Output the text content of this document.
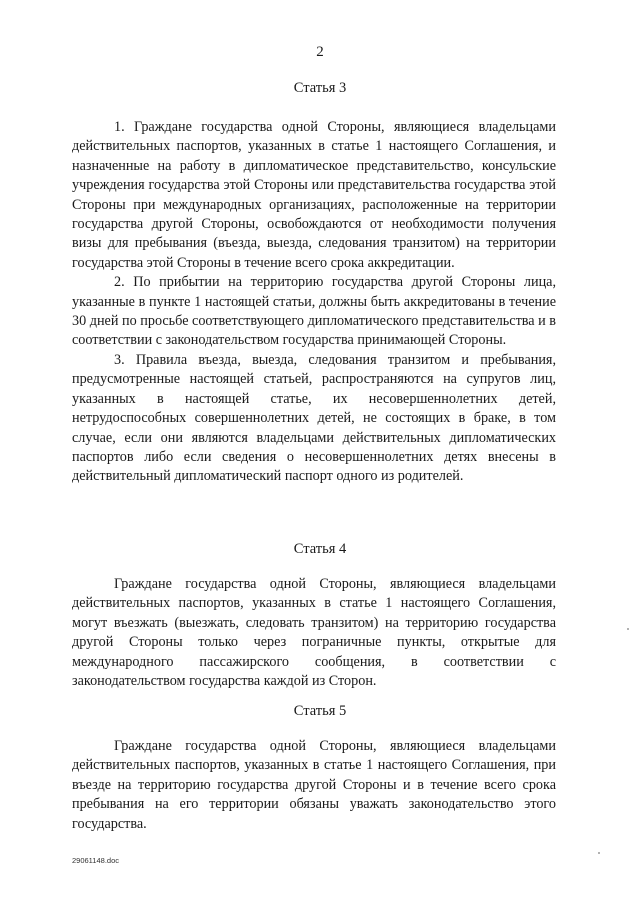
2
Статья 3

1. Граждане государства одной Стороны, являющиеся владельцами действительных паспортов, указанных в статье 1 настоящего Соглашения, и назначенные на работу в дипломатическое представительство, консульские учреждения государства этой Стороны или представительства государства этой Стороны при международных организациях, расположенные на территории государства другой Стороны, освобождаются от необходимости получения визы для пребывания (въезда, выезда, следования транзитом) на территории государства этой Стороны в течение всего срока аккредитации.

2. По прибытии на территорию государства другой Стороны лица, указанные в пункте 1 настоящей статьи, должны быть аккредитованы в течение 30 дней по просьбе соответствующего дипломатического представительства и в соответствии с законодательством государства принимающей Стороны.

3. Правила въезда, выезда, следования транзитом и пребывания, предусмотренные настоящей статьей, распространяются на супругов лиц, указанных в настоящей статье, их несовершеннолетних детей, нетрудоспособных совершеннолетних детей, не состоящих в браке, в том случае, если они являются владельцами действительных дипломатических паспортов либо если сведения о несовершеннолетних детях внесены в действительный дипломатический паспорт одного из родителей.

Статья 4

Граждане государства одной Стороны, являющиеся владельцами действительных паспортов, указанных в статье 1 настоящего Соглашения, могут въезжать (выезжать, следовать транзитом) на территорию государства другой Стороны только через пограничные пункты, открытые для международного пассажирского сообщения, в соответствии с законодательством государства каждой из Сторон.

Статья 5

Граждане государства одной Стороны, являющиеся владельцами действительных паспортов, указанных в статье 1 настоящего Соглашения, при въезде на территорию государства другой Стороны и в течение всего срока пребывания на его территории обязаны уважать законодательство этого государства.

29061148.doc
